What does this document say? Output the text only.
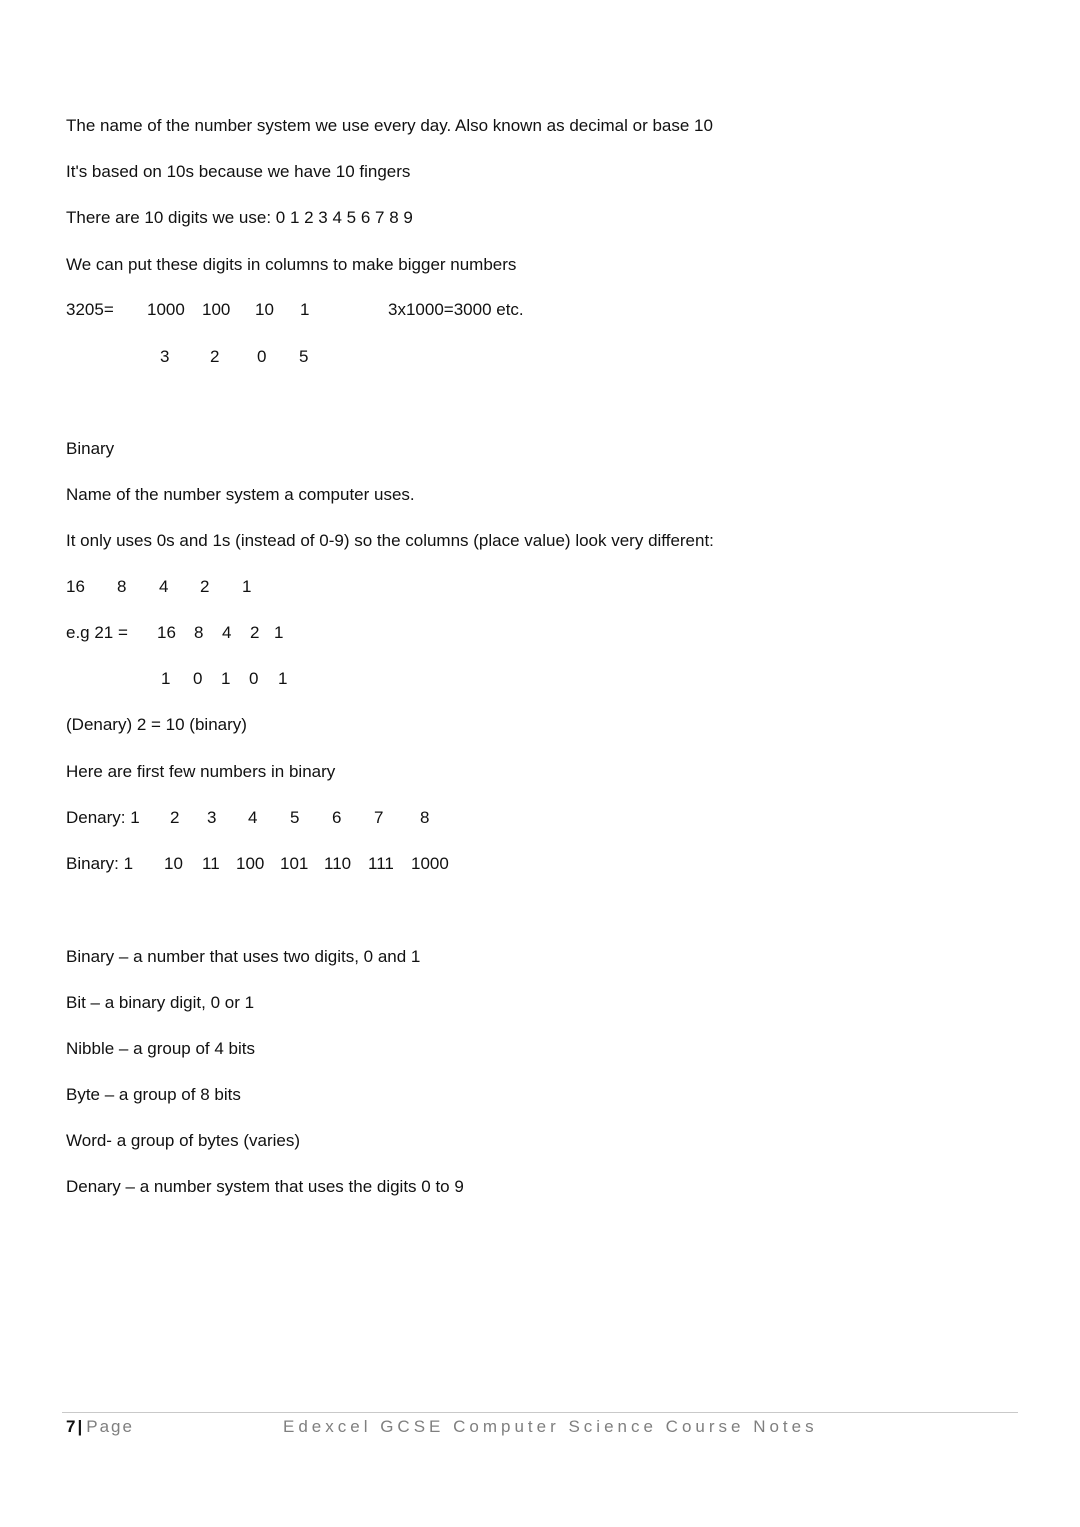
The name of the number system we use every day. Also known as decimal or base 10
It's based on 10s because we have 10 fingers
There are 10 digits we use: 0 1 2 3 4 5 6 7 8 9
We can put these digits in columns to make bigger numbers
3205= 1000 100 10 1	3x1000=3000 etc.
3 2 0 5
Binary
Name of the number system a computer uses.
It only uses 0s and 1s (instead of 0-9) so the columns (place value) look very different:
16 8 4 2 1
e.g 21 = 16 8 4 2 1
1 0 1 0 1
(Denary) 2 = 10 (binary)
Here are first few numbers in binary
Denary: 1 2 3 4 5 6 7 8
Binary: 1 10 11 100 101 110 111 1000
Binary – a number that uses two digits, 0 and 1
Bit – a binary digit, 0 or 1
Nibble – a group of 4 bits
Byte – a group of 8 bits
Word- a group of bytes (varies)
Denary – a number system that uses the digits 0 to 9
7 | Page	Edexcel GCSE Computer Science Course Notes
